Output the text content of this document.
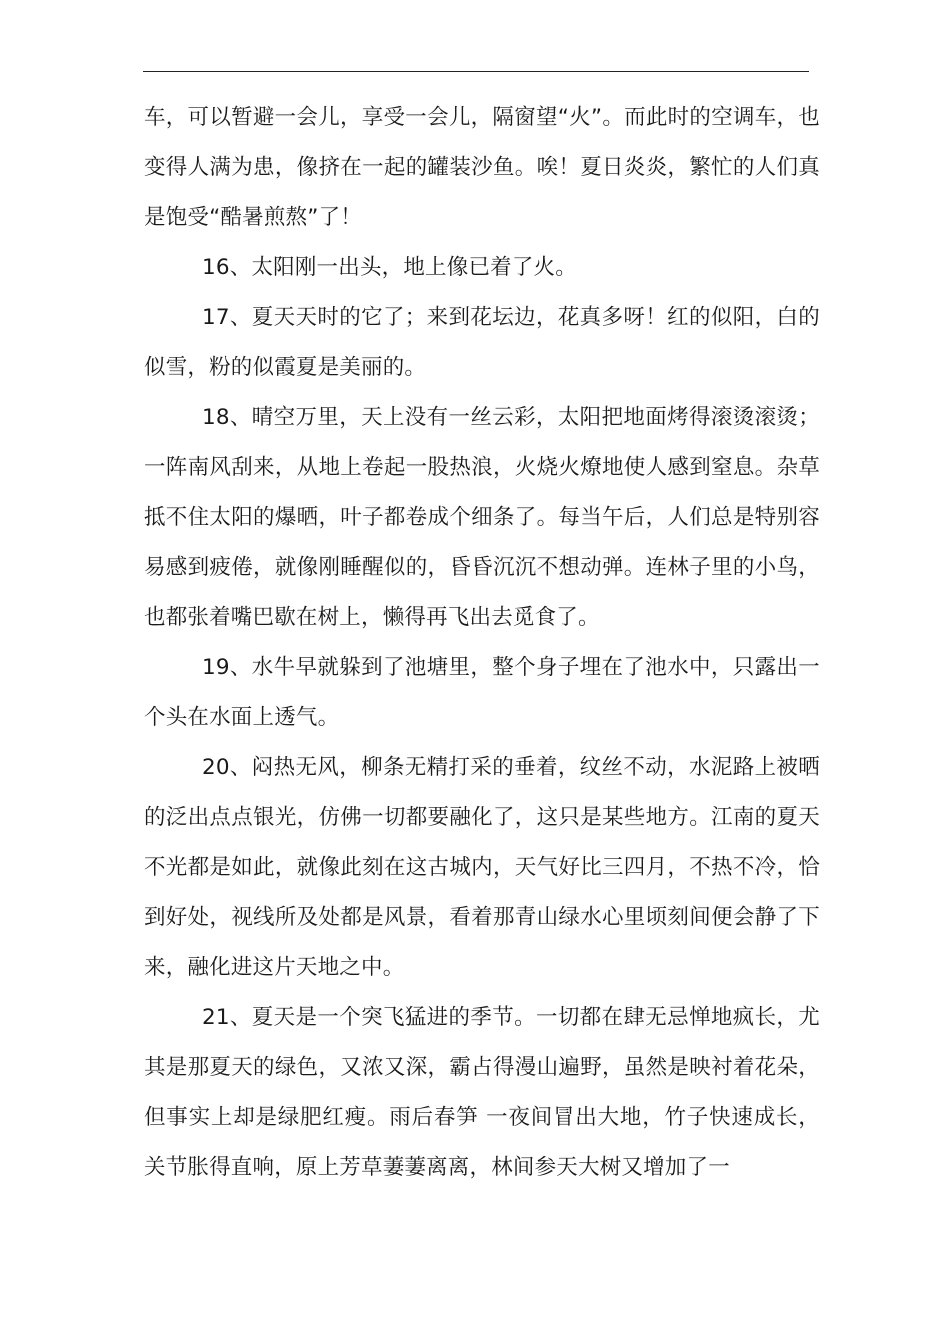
车，可以暂避一会儿，享受一会儿，隔窗望“火”。而此时的空调车，也变得人满为患，像挤在一起的罐装沙鱼。唉！夏日炎炎，繁忙的人们真是饱受“酷暑煎熬”了！

16、太阳刚一出头，地上像已着了火。

17、夏天天时的它了；来到花坛边，花真多呀！红的似阳，白的似雪，粉的似霞夏是美丽的。

18、晴空万里，天上没有一丝云彩，太阳把地面烤得滚烫滚烫；一阵南风刮来，从地上卷起一股热浪，火烧火燎地使人感到窒息。杂草抵不住太阳的爆晒，叶子都卷成个细条了。每当午后，人们总是特别容易感到疲倦，就像刚睡醒似的，昏昏沉沉不想动弹。连林子里的小鸟，也都张着嘴巴歇在树上，懒得再飞出去觅食了。

19、水牛早就躲到了池塘里，整个身子埋在了池水中，只露出一个头在水面上透气。

20、闷热无风，柳条无精打采的垂着，纹丝不动，水泥路上被晒的泛出点点银光，仿佛一切都要融化了，这只是某些地方。江南的夏天不光都是如此，就像此刻在这古城内，天气好比三四月，不热不冷，恰到好处，视线所及处都是风景，看着那青山绿水心里顷刻间便会静了下来，融化进这片天地之中。

21、夏天是一个突飞猛进的季节。一切都在肆无忌惮地疯长，尤其是那夏天的绿色，又浓又深，霸占得漫山遍野，虽然是映衬着花朵，但事实上却是绿肥红瘦。雨后春笋 一夜间冒出大地，竹子快速成长，关节胀得直响，原上芳草萋萋离离，林间参天大树又增加了一
